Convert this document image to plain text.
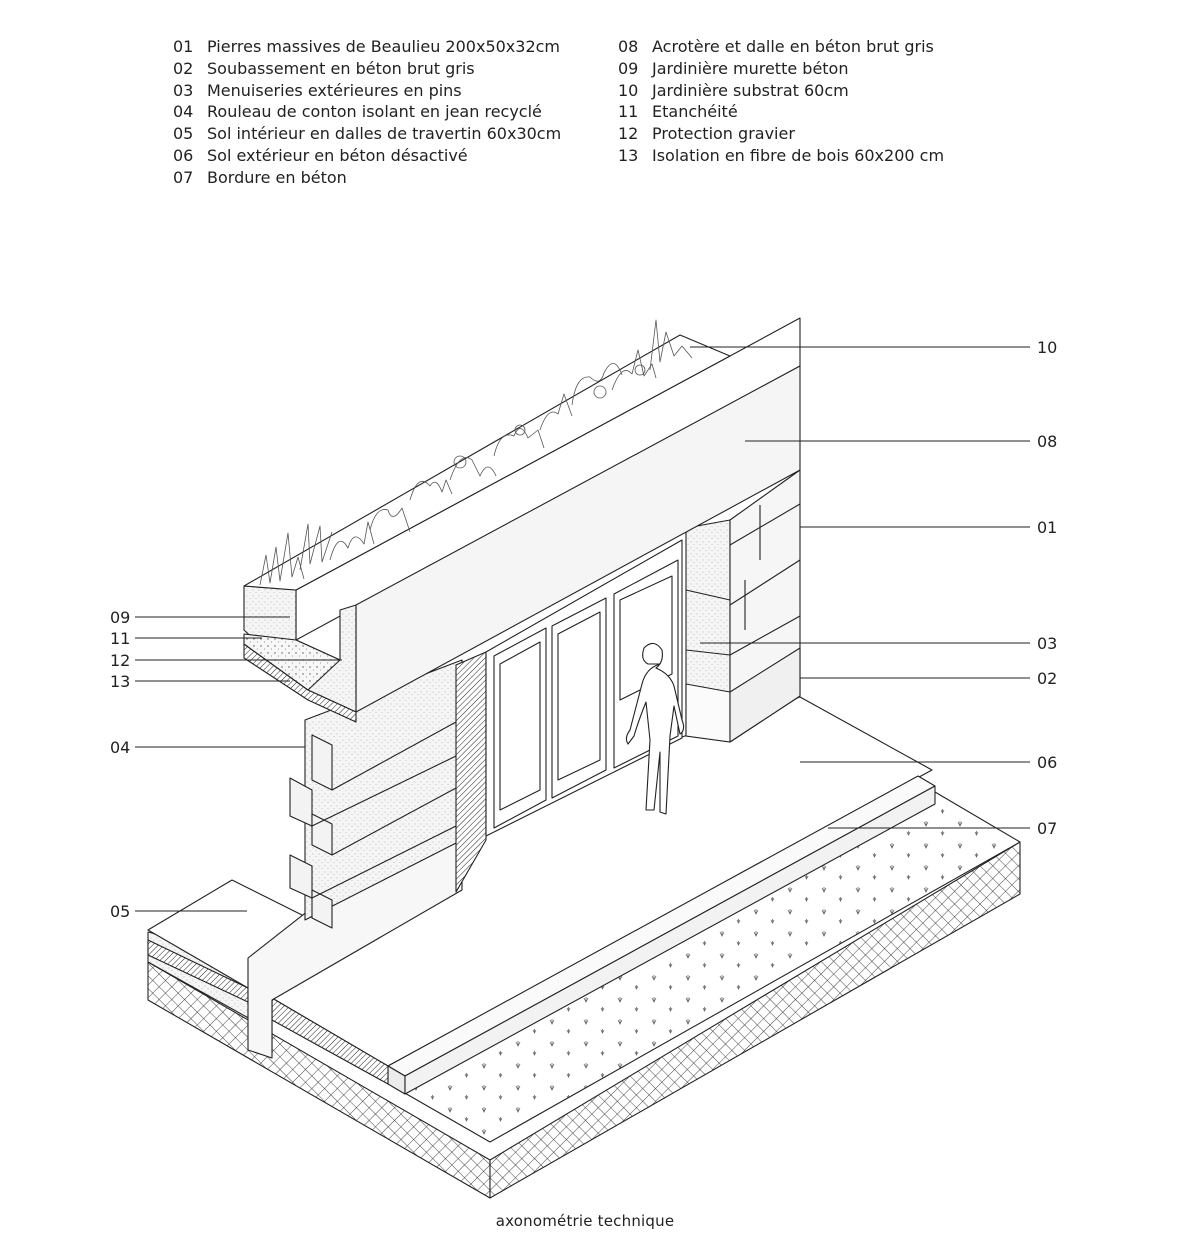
01 Pierres massives de Beaulieu 200x50x32cm
02 Soubassement en béton brut gris
03 Menuiseries extérieures en pins
04 Rouleau de conton isolant en jean recyclé
05 Sol intérieur en dalles de travertin 60x30cm
06 Sol extérieur en béton désactivé
07 Bordure en béton
08 Acrotère et dalle en béton brut gris
09 Jardinière murette béton
10 Jardinière substrat 60cm
11 Etanchéité
12 Protection gravier
13 Isolation en fibre de bois 60x200 cm
10
08
01
03
02
06
07
09
11
12
13
04
05
axonométrie technique
